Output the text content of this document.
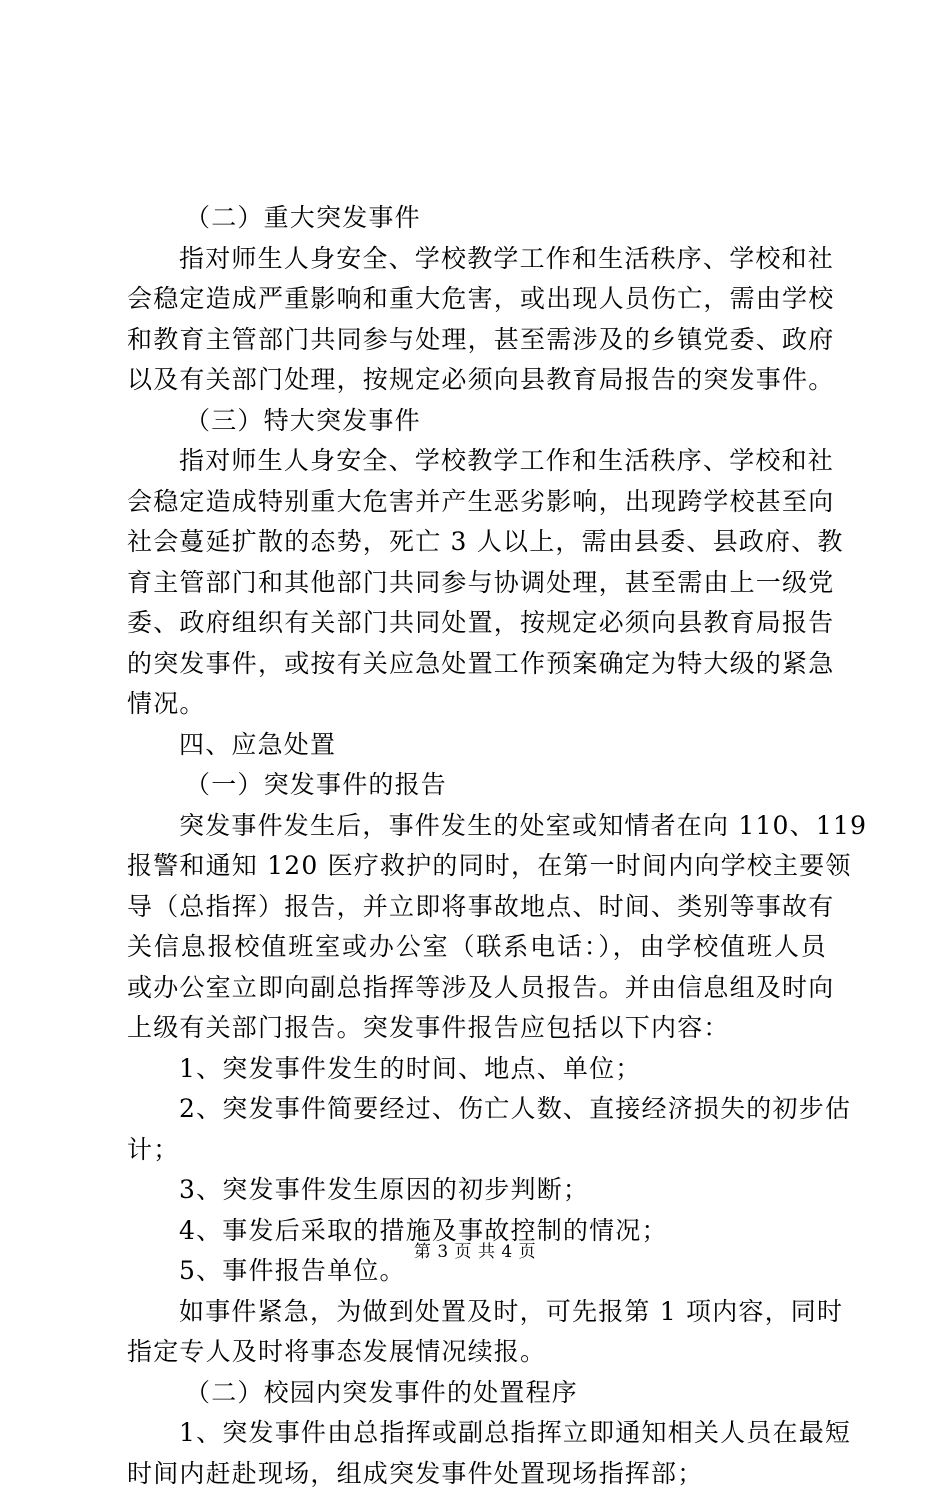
（二）重大突发事件
指对师生人身安全、学校教学工作和生活秩序、学校和社
会稳定造成严重影响和重大危害，或出现人员伤亡，需由学校
和教育主管部门共同参与处理，甚至需涉及的乡镇党委、政府
以及有关部门处理，按规定必须向县教育局报告的突发事件。
（三）特大突发事件
指对师生人身安全、学校教学工作和生活秩序、学校和社
会稳定造成特别重大危害并产生恶劣影响，出现跨学校甚至向
社会蔓延扩散的态势，死亡 3 人以上，需由县委、县政府、教
育主管部门和其他部门共同参与协调处理，甚至需由上一级党
委、政府组织有关部门共同处置，按规定必须向县教育局报告
的突发事件，或按有关应急处置工作预案确定为特大级的紧急
情况。
四、应急处置
（一）突发事件的报告
突发事件发生后，事件发生的处室或知情者在向 110、119
报警和通知 120 医疗救护的同时，在第一时间内向学校主要领
导（总指挥）报告，并立即将事故地点、时间、类别等事故有
关信息报校值班室或办公室（联系电话：），由学校值班人员
或办公室立即向副总指挥等涉及人员报告。并由信息组及时向
上级有关部门报告。突发事件报告应包括以下内容：
1、突发事件发生的时间、地点、单位；
2、突发事件简要经过、伤亡人数、直接经济损失的初步估
计；
3、突发事件发生原因的初步判断；
4、事发后采取的措施及事故控制的情况；
5、事件报告单位。
如事件紧急，为做到处置及时，可先报第 1 项内容，同时
指定专人及时将事态发展情况续报。
（二）校园内突发事件的处置程序
1、突发事件由总指挥或副总指挥立即通知相关人员在最短
时间内赶赴现场，组成突发事件处置现场指挥部；
第 3 页 共 4 页
